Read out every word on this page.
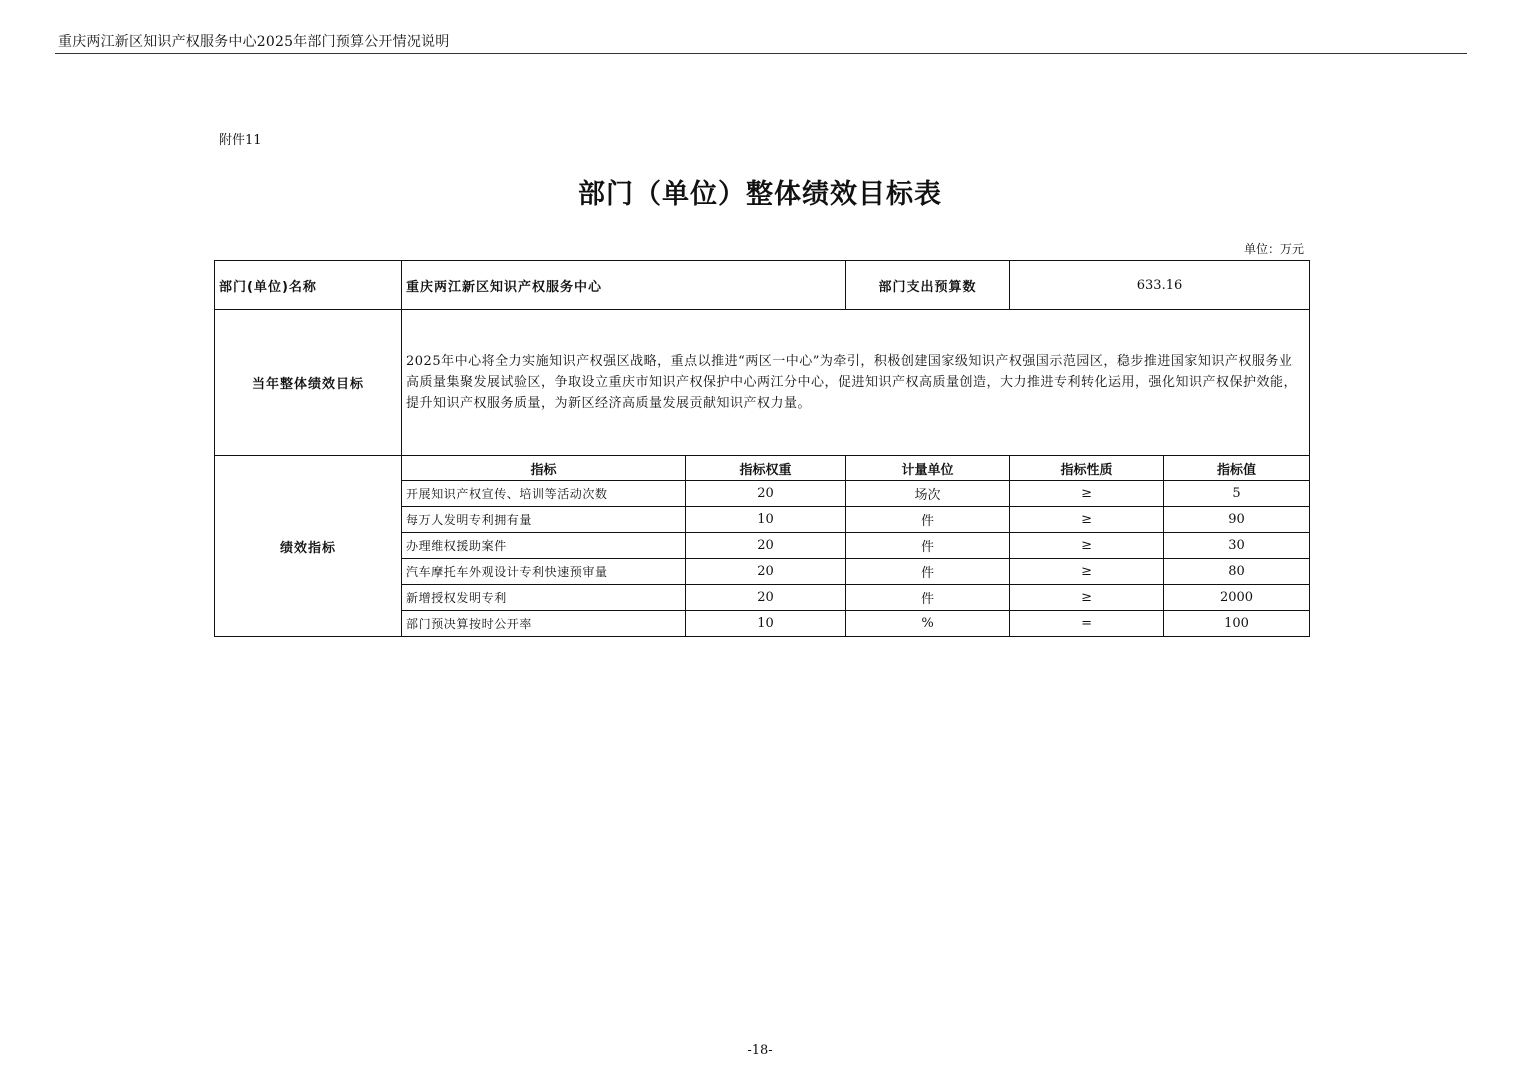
重庆两江新区知识产权服务中心2025年部门预算公开情况说明
附件11
部门（单位）整体绩效目标表
单位：万元
部门(单位)名称	重庆两江新区知识产权服务中心		部门支出预算数	633.16	
当年整体绩效目标	2025年中心将全力实施知识产权强区战略，重点以推进“两区一中心”为牵引，积极创建国家级知识产权强国示范园区，稳步推进国家知识产权服务业高质量集聚发展试验区，争取设立重庆市知识产权保护中心两江分中心，促进知识产权高质量创造，大力推进专利转化运用，强化知识产权保护效能，提升知识产权服务质量，为新区经济高质量发展贡献知识产权力量。				
绩效指标	指标	指标权重	计量单位	指标性质	指标值
	开展知识产权宣传、培训等活动次数	20	场次	≥	5
	每万人发明专利拥有量	10	件	≥	90
	办理维权援助案件	20	件	≥	30
	汽车摩托车外观设计专利快速预审量	20	件	≥	80
	新增授权发明专利	20	件	≥	2000
	部门预决算按时公开率	10	%	=	100
-18-
